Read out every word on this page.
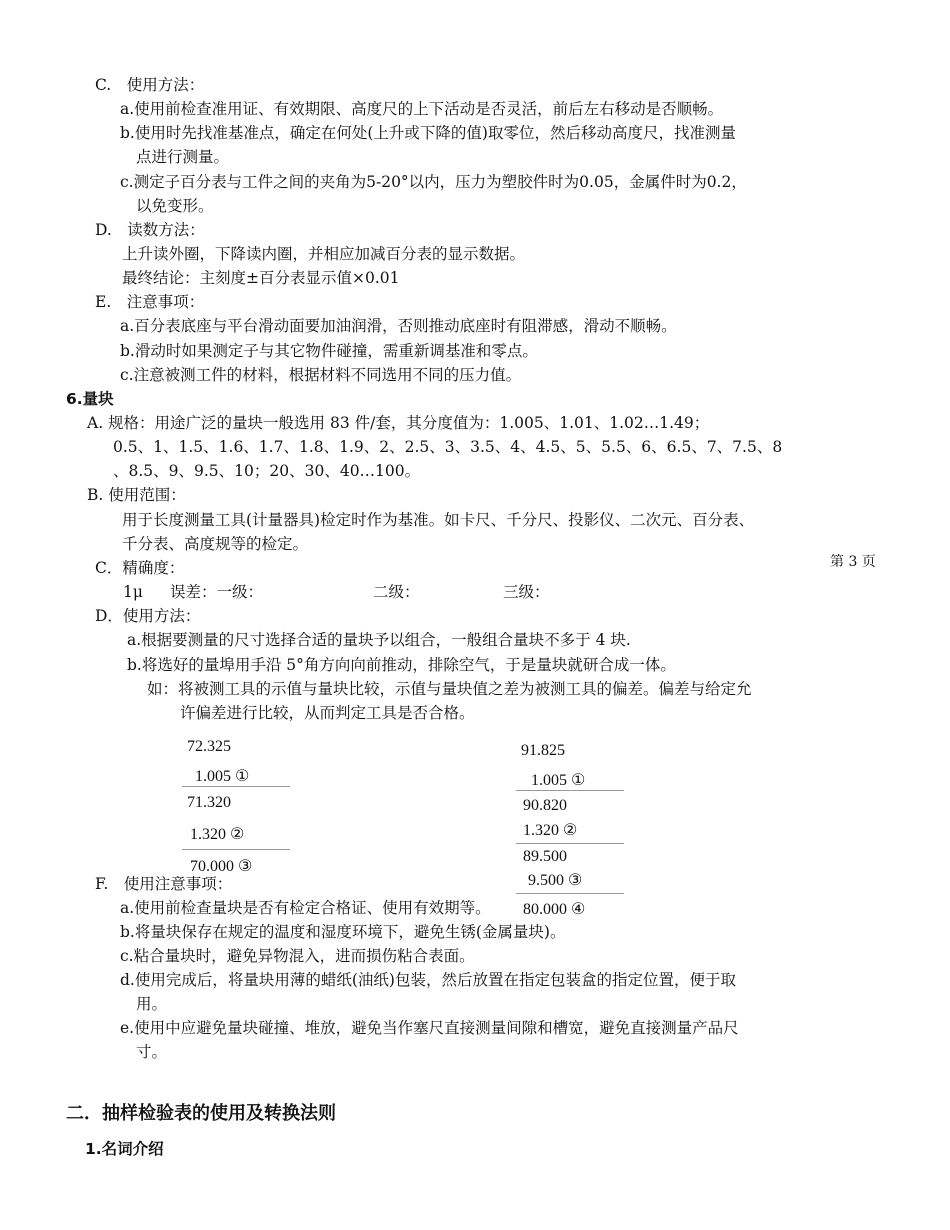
C.　使用方法：
a.使用前检查准用证、有效期限、高度尺的上下活动是否灵活，前后左右移动是否顺畅。
b.使用时先找准基准点，确定在何处(上升或下降的值)取零位，然后移动高度尺，找准测量
点进行测量。
c.测定子百分表与工件之间的夹角为5-20°以内，压力为塑胶件时为0.05，金属件时为0.2，
以免变形。
D.　读数方法：
上升读外圈，下降读内圈，并相应加减百分表的显示数据。
最终结论：主刻度±百分表显示值×0.01
E.　注意事项：
a.百分表底座与平台滑动面要加油润滑，否则推动底座时有阻滞感，滑动不顺畅。
b.滑动时如果测定子与其它物件碰撞，需重新调基准和零点。
c.注意被测工件的材料，根据材料不同选用不同的压力值。
6.量块
A. 规格：用途广泛的量块一般选用 83 件/套，其分度值为：1.005、1.01、1.02…1.49；
0.5、1、1.5、1.6、1.7、1.8、1.9、2、2.5、3、3.5、4、4.5、5、5.5、6、6.5、7、7.5、8
、8.5、9、9.5、10；20、30、40…100。
B. 使用范围：
用于长度测量工具(计量器具)检定时作为基准。如卡尺、千分尺、投影仪、二次元、百分表、
千分表、高度规等的检定。
C．精确度：	第 3 页
1μ 误差：一级：	二级：	三级：
D．使用方法：
a.根据要测量的尺寸选择合适的量块予以组合，一般组合量块不多于 4 块.
b.将选好的量埠用手沿 5°角方向向前推动，排除空气，于是量块就研合成一体。
如：将被测工具的示值与量块比较，示值与量块值之差为被测工具的偏差。偏差与给定允
许偏差进行比较，从而判定工具是否合格。
72.325
1.005 ①
71.320
1.320 ②
70.000 ③
91.825
1.005 ①
90.820
1.320 ②
89.500
9.500 ③
80.000 ④
F.　使用注意事项：
a.使用前检查量块是否有检定合格证、使用有效期等。
b.将量块保存在规定的温度和湿度环境下，避免生锈(金属量块)。
c.粘合量块时，避免异物混入，进而损伤粘合表面。
d.使用完成后，将量块用薄的蜡纸(油纸)包装，然后放置在指定包装盒的指定位置，便于取
用。
e.使用中应避免量块碰撞、堆放，避免当作塞尺直接测量间隙和槽宽，避免直接测量产品尺
寸。
二．抽样检验表的使用及转换法则
1.名词介绍
